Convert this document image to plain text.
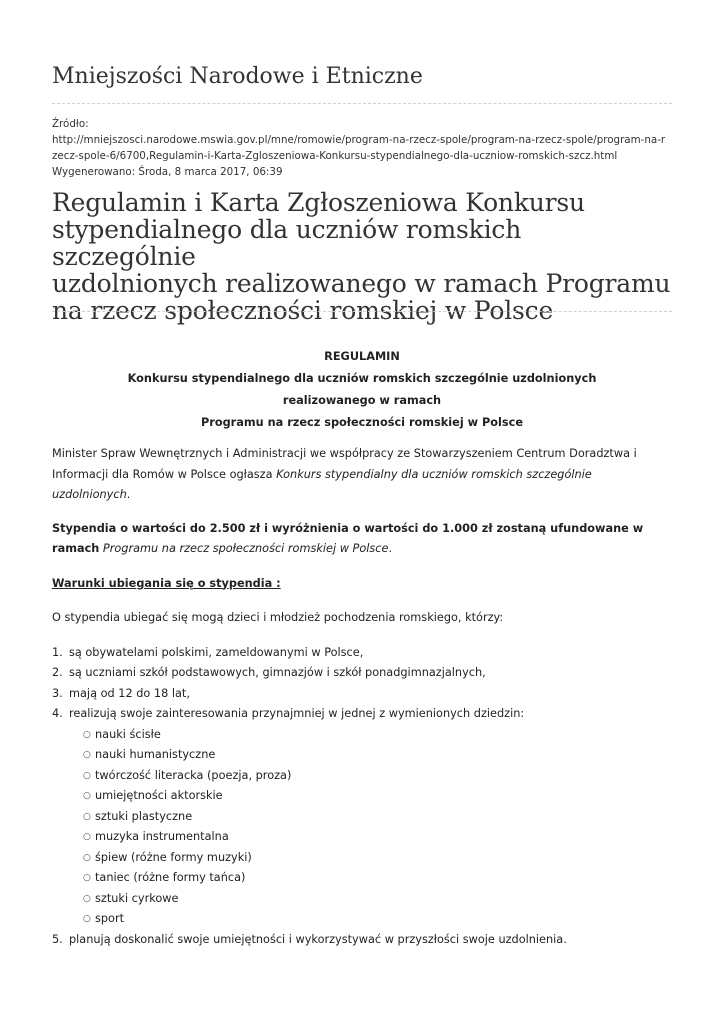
Mniejszości Narodowe i Etniczne
Źródło:
http://mniejszosci.narodowe.mswia.gov.pl/mne/romowie/program-na-rzecz-spole/program-na-rzecz-spole/program-na-r
zecz-spole-6/6700,Regulamin-i-Karta-Zgloszeniowa-Konkursu-stypendialnego-dla-uczniow-romskich-szcz.html
Wygenerowano: Środa, 8 marca 2017, 06:39
Regulamin i Karta Zgłoszeniowa Konkursu
stypendialnego dla uczniów romskich szczególnie
uzdolnionych realizowanego w ramach Programu
na rzecz społeczności romskiej w Polsce
REGULAMIN
Konkursu stypendialnego dla uczniów romskich szczególnie uzdolnionych
realizowanego w ramach
Programu na rzecz społeczności romskiej w Polsce
Minister Spraw Wewnętrznych i Administracji we współpracy ze Stowarzyszeniem Centrum Doradztwa i
Informacji dla Romów w Polsce ogłasza Konkurs stypendialny dla uczniów romskich szczególnie
uzdolnionych.
Stypendia o wartości do 2.500 zł i wyróżnienia o wartości do 1.000 zł zostaną ufundowane w
ramach Programu na rzecz społeczności romskiej w Polsce.
Warunki ubiegania się o stypendia :
O stypendia ubiegać się mogą dzieci i młodzież pochodzenia romskiego, którzy:
1. są obywatelami polskimi, zameldowanymi w Polsce,
2. są uczniami szkół podstawowych, gimnazjów i szkół ponadgimnazjalnych,
3. mają od 12 do 18 lat,
4. realizują swoje zainteresowania przynajmniej w jednej z wymienionych dziedzin:
○ nauki ścisłe
○ nauki humanistyczne
○ twórczość literacka (poezja, proza)
○ umiejętności aktorskie
○ sztuki plastyczne
○ muzyka instrumentalna
○ śpiew (różne formy muzyki)
○ taniec (różne formy tańca)
○ sztuki cyrkowe
○ sport
5. planują doskonalić swoje umiejętności i wykorzystywać w przyszłości swoje uzdolnienia.
